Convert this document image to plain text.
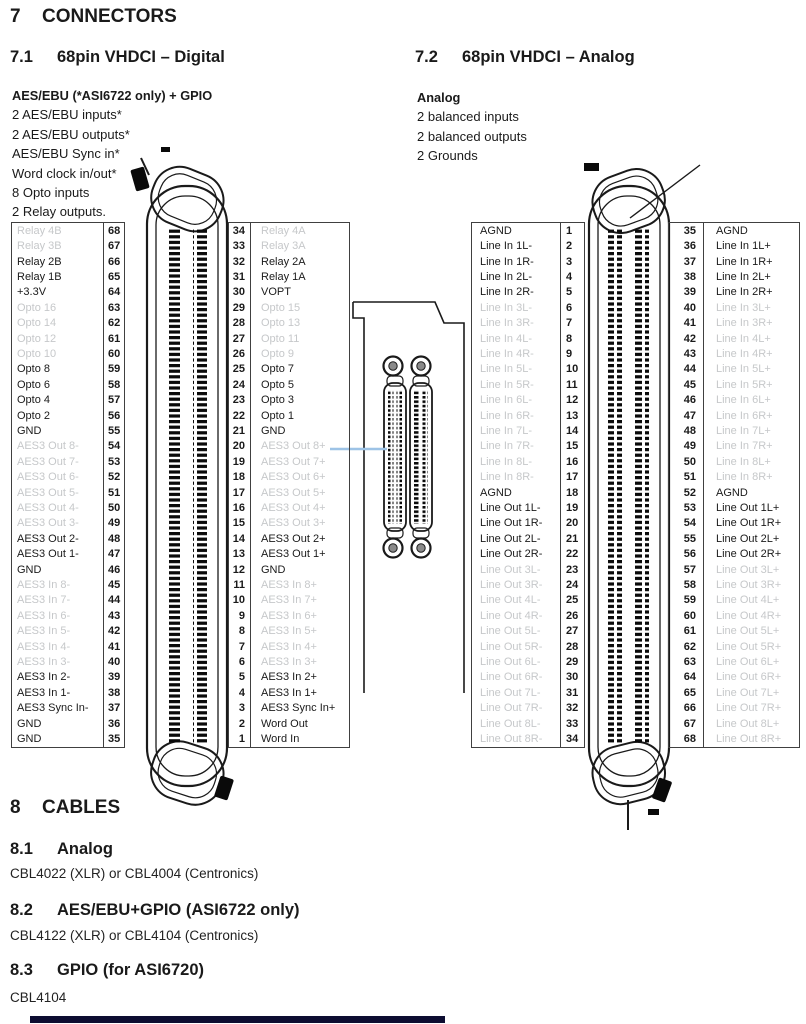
7 CONNECTORS
7.1 68pin VHDCI – Digital	7.2 68pin VHDCI – Analog
AES/EBU (*ASI6722 only) + GPIO
2 AES/EBU inputs*
2 AES/EBU outputs*
AES/EBU Sync in*
Word clock in/out*
8 Opto inputs
2 Relay outputs.
Analog
2 balanced inputs
2 balanced outputs
2 Grounds
Relay 4B	68
Relay 3B	67
Relay 2B	66
Relay 1B	65
+3.3V	64
Opto 16	63
Opto 14	62
Opto 12	61
Opto 10	60
Opto 8	59
Opto 6	58
Opto 4	57
Opto 2	56
GND	55
AES3 Out 8-	54
AES3 Out 7-	53
AES3 Out 6-	52
AES3 Out 5-	51
AES3 Out 4-	50
AES3 Out 3-	49
AES3 Out 2-	48
AES3 Out 1-	47
GND	46
AES3 In 8-	45
AES3 In 7-	44
AES3 In 6-	43
AES3 In 5-	42
AES3 In 4-	41
AES3 In 3-	40
AES3 In 2-	39
AES3 In 1-	38
AES3 Sync In-	37
GND	36
GND	35
34	Relay 4A
33	Relay 3A
32	Relay 2A
31	Relay 1A
30	VOPT
29	Opto 15
28	Opto 13
27	Opto 11
26	Opto 9
25	Opto 7
24	Opto 5
23	Opto 3
22	Opto 1
21	GND
20	AES3 Out 8+
19	AES3 Out 7+
18	AES3 Out 6+
17	AES3 Out 5+
16	AES3 Out 4+
15	AES3 Out 3+
14	AES3 Out 2+
13	AES3 Out 1+
12	GND
11	AES3 In 8+
10	AES3 In 7+
9	AES3 In 6+
8	AES3 In 5+
7	AES3 In 4+
6	AES3 In 3+
5	AES3 In 2+
4	AES3 In 1+
3	AES3 Sync In+
2	Word Out
1	Word In
AGND	1
Line In 1L-	2
Line In 1R-	3
Line In 2L-	4
Line In 2R-	5
Line In 3L-	6
Line In 3R-	7
Line In 4L-	8
Line In 4R-	9
Line In 5L-	10
Line In 5R-	11
Line In 6L-	12
Line In 6R-	13
Line In 7L-	14
Line In 7R-	15
Line In 8L-	16
Line In 8R-	17
AGND	18
Line Out 1L-	19
Line Out 1R-	20
Line Out 2L-	21
Line Out 2R-	22
Line Out 3L-	23
Line Out 3R-	24
Line Out 4L-	25
Line Out 4R-	26
Line Out 5L-	27
Line Out 5R-	28
Line Out 6L-	29
Line Out 6R-	30
Line Out 7L-	31
Line Out 7R-	32
Line Out 8L-	33
Line Out 8R-	34
35	AGND
36	Line In 1L+
37	Line In 1R+
38	Line In 2L+
39	Line In 2R+
40	Line In 3L+
41	Line In 3R+
42	Line In 4L+
43	Line In 4R+
44	Line In 5L+
45	Line In 5R+
46	Line In 6L+
47	Line In 6R+
48	Line In 7L+
49	Line In 7R+
50	Line In 8L+
51	Line In 8R+
52	AGND
53	Line Out 1L+
54	Line Out 1R+
55	Line Out 2L+
56	Line Out 2R+
57	Line Out 3L+
58	Line Out 3R+
59	Line Out 4L+
60	Line Out 4R+
61	Line Out 5L+
62	Line Out 5R+
63	Line Out 6L+
64	Line Out 6R+
65	Line Out 7L+
66	Line Out 7R+
67	Line Out 8L+
68	Line Out 8R+
8 CABLES
8.1 Analog
CBL4022 (XLR) or CBL4004 (Centronics)
8.2 AES/EBU+GPIO (ASI6722 only)
CBL4122 (XLR) or CBL4104 (Centronics)
8.3 GPIO (for ASI6720)
CBL4104
